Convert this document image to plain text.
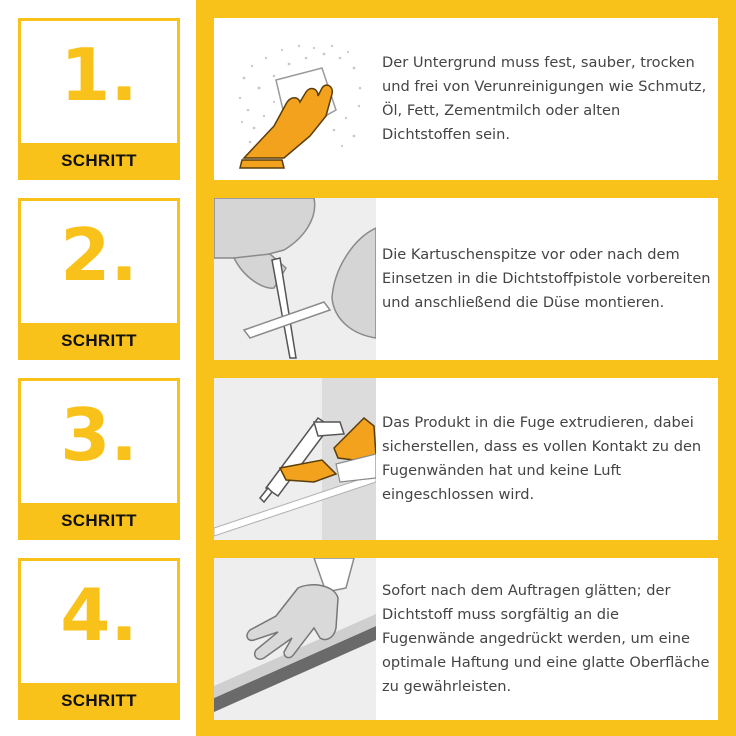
1.
SCHRITT
Der Untergrund muss fest, sauber, trocken und frei von Verunreinigungen wie Schmutz, Öl, Fett, Zementmilch oder alten Dichtstoffen sein.
2.
SCHRITT
Die Kartuschenspitze vor oder nach dem Einsetzen in die Dichtstoffpistole vorbereiten und anschließend die Düse montieren.
3.
SCHRITT
Das Produkt in die Fuge extrudieren, dabei sicherstellen, dass es vollen Kontakt zu den Fugenwänden hat und keine Luft eingeschlossen wird.
4.
SCHRITT
Sofort nach dem Auftragen glätten; der Dichtstoff muss sorgfältig an die Fugenwände angedrückt werden, um eine optimale Haftung und eine glatte Oberfläche zu gewährleisten.
